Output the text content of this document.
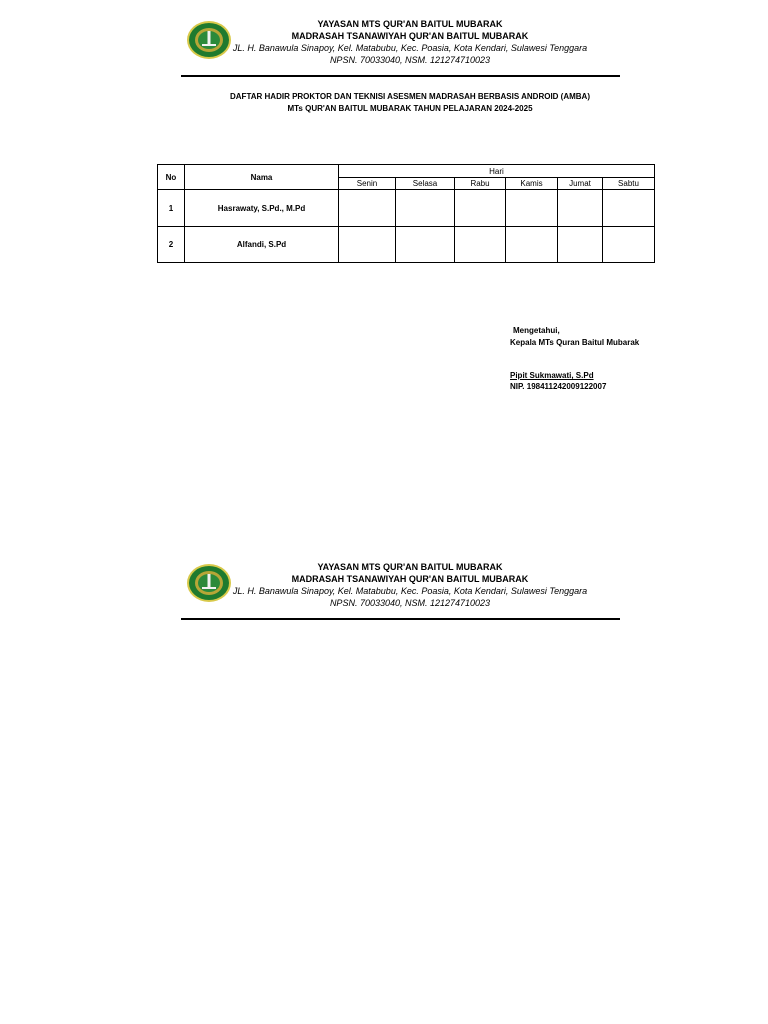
YAYASAN MTS QUR'AN BAITUL MUBARAK
MADRASAH TSANAWIYAH QUR'AN BAITUL MUBARAK
JL. H. Banawula Sinapoy, Kel. Matabubu, Kec. Poasia, Kota Kendari, Sulawesi Tenggara
NPSN. 70033040, NSM. 121274710023
DAFTAR HADIR PROKTOR DAN TEKNISI ASESMEN MADRASAH BERBASIS ANDROID (AMBA)
MTs QUR'AN BAITUL MUBARAK TAHUN PELAJARAN 2024-2025
No	Nama	Hari					
		Senin	Selasa	Rabu	Kamis	Jumat	Sabtu
1	Hasrawaty, S.Pd., M.Pd						
2	Alfandi, S.Pd						
Mengetahui,
Kepala MTs Quran Baitul Mubarak
Pipit Sukmawati, S.Pd
NIP. 198411242009122007
YAYASAN MTS QUR'AN BAITUL MUBARAK
MADRASAH TSANAWIYAH QUR'AN BAITUL MUBARAK
JL. H. Banawula Sinapoy, Kel. Matabubu, Kec. Poasia, Kota Kendari, Sulawesi Tenggara
NPSN. 70033040, NSM. 121274710023
